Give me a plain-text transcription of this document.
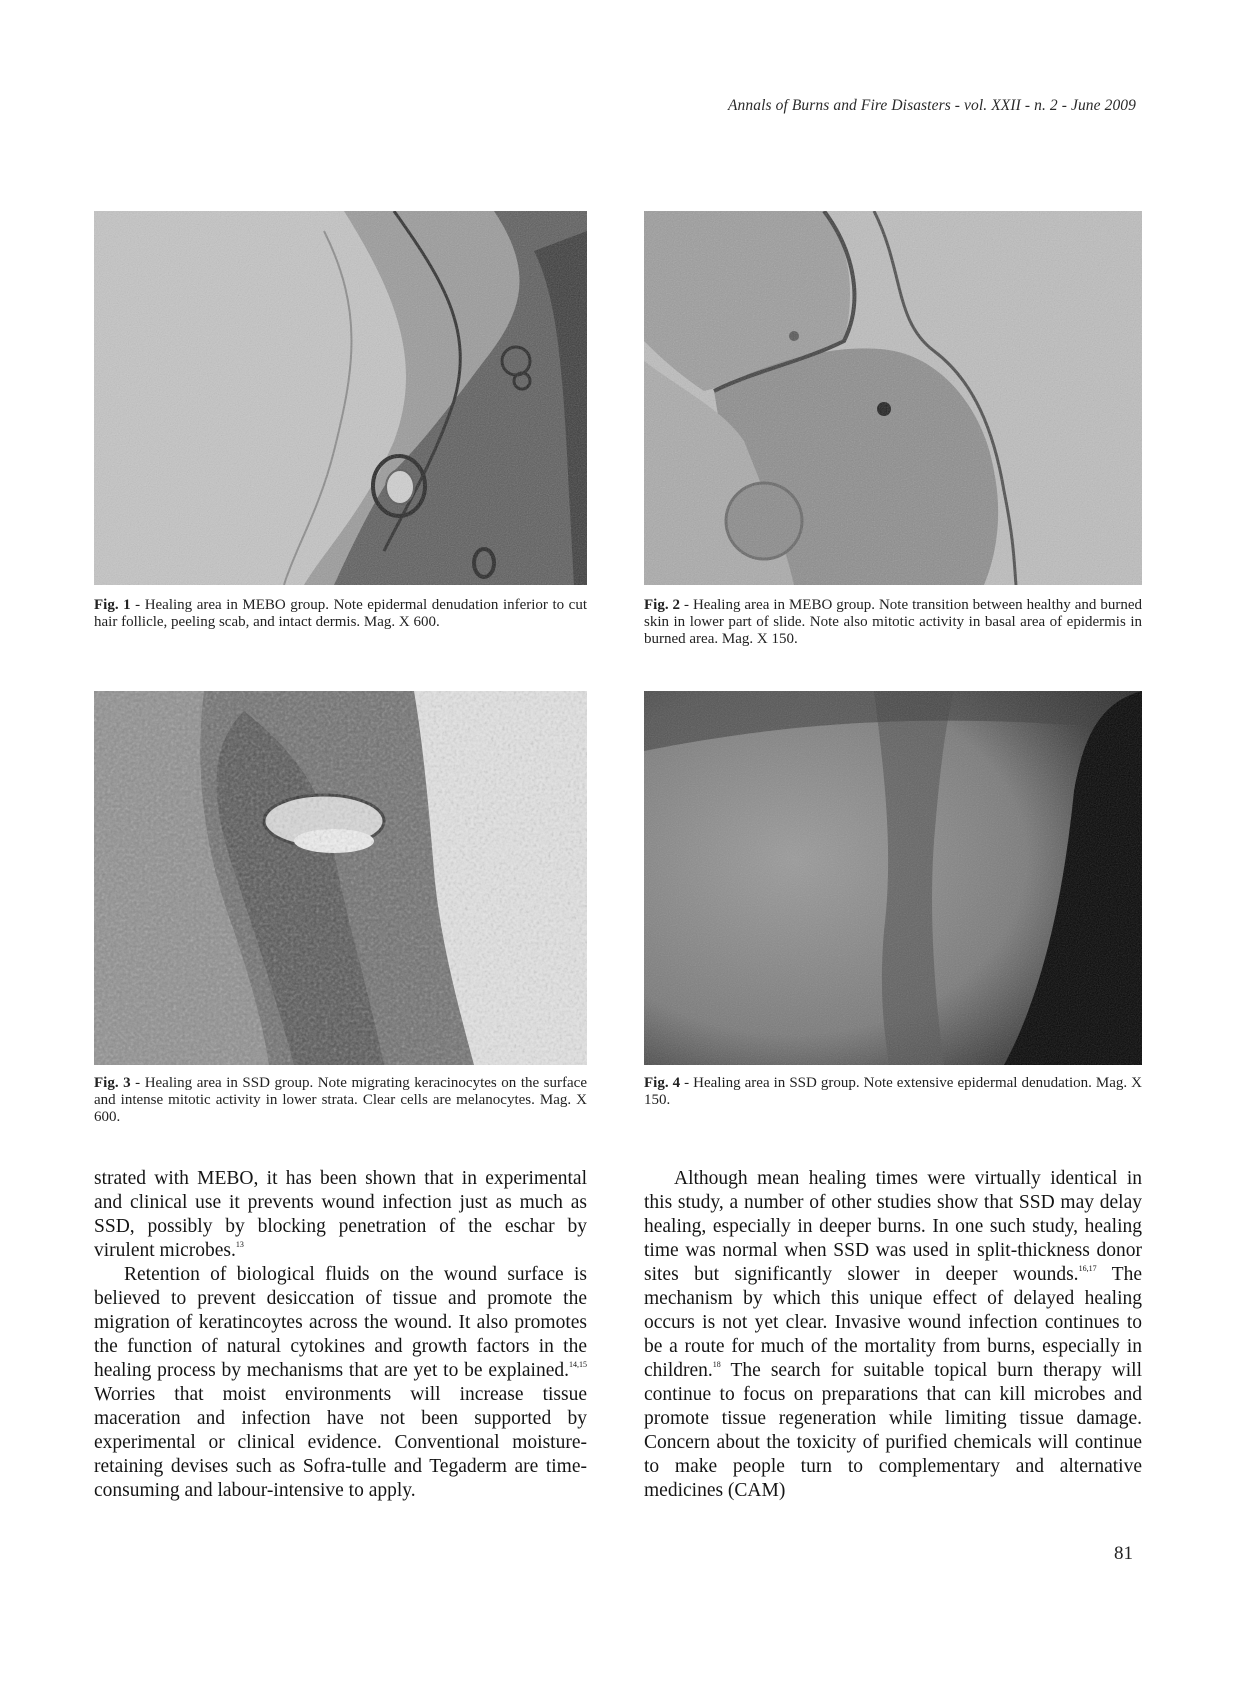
Annals of Burns and Fire Disasters - vol. XXII - n. 2 - June 2009
Fig. 1 - Healing area in MEBO group. Note epidermal denudation inferior to cut hair follicle, peeling scab, and intact dermis. Mag. X 600.
Fig. 2 - Healing area in MEBO group. Note transition between healthy and burned skin in lower part of slide. Note also mitotic activity in basal area of epidermis in burned area. Mag. X 150.
Fig. 3 - Healing area in SSD group. Note migrating keracinocytes on the surface and intense mitotic activity in lower strata. Clear cells are melanocytes. Mag. X 600.
Fig. 4 - Healing area in SSD group. Note extensive epidermal denudation. Mag. X 150.

strated with MEBO, it has been shown that in experimental and clinical use it prevents wound infection just as much as SSD, possibly by blocking penetration of the eschar by virulent microbes.$^{13}$

Retention of biological fluids on the wound surface is believed to prevent desiccation of tissue and promote the migration of keratincoytes across the wound. It also promotes the function of natural cytokines and growth factors in the healing process by mechanisms that are yet to be explained.$^{14,15}$ Worries that moist environments will increase tissue maceration and infection have not been supported by experimental or clinical evidence. Conventional moisture-retaining devises such as Sofra-tulle and Tegaderm are time-consuming and labour-intensive to apply.

Although mean healing times were virtually identical in this study, a number of other studies show that SSD may delay healing, especially in deeper burns. In one such study, healing time was normal when SSD was used in split-thickness donor sites but significantly slower in deeper wounds.$^{16,17}$ The mechanism by which this unique effect of delayed healing occurs is not yet clear. Invasive wound infection continues to be a route for much of the mortality from burns, especially in children.$^{18}$ The search for suitable topical burn therapy will continue to focus on preparations that can kill microbes and promote tissue regeneration while limiting tissue damage. Concern about the toxicity of purified chemicals will continue to make people turn to complementary and alternative medicines (CAM)

81
